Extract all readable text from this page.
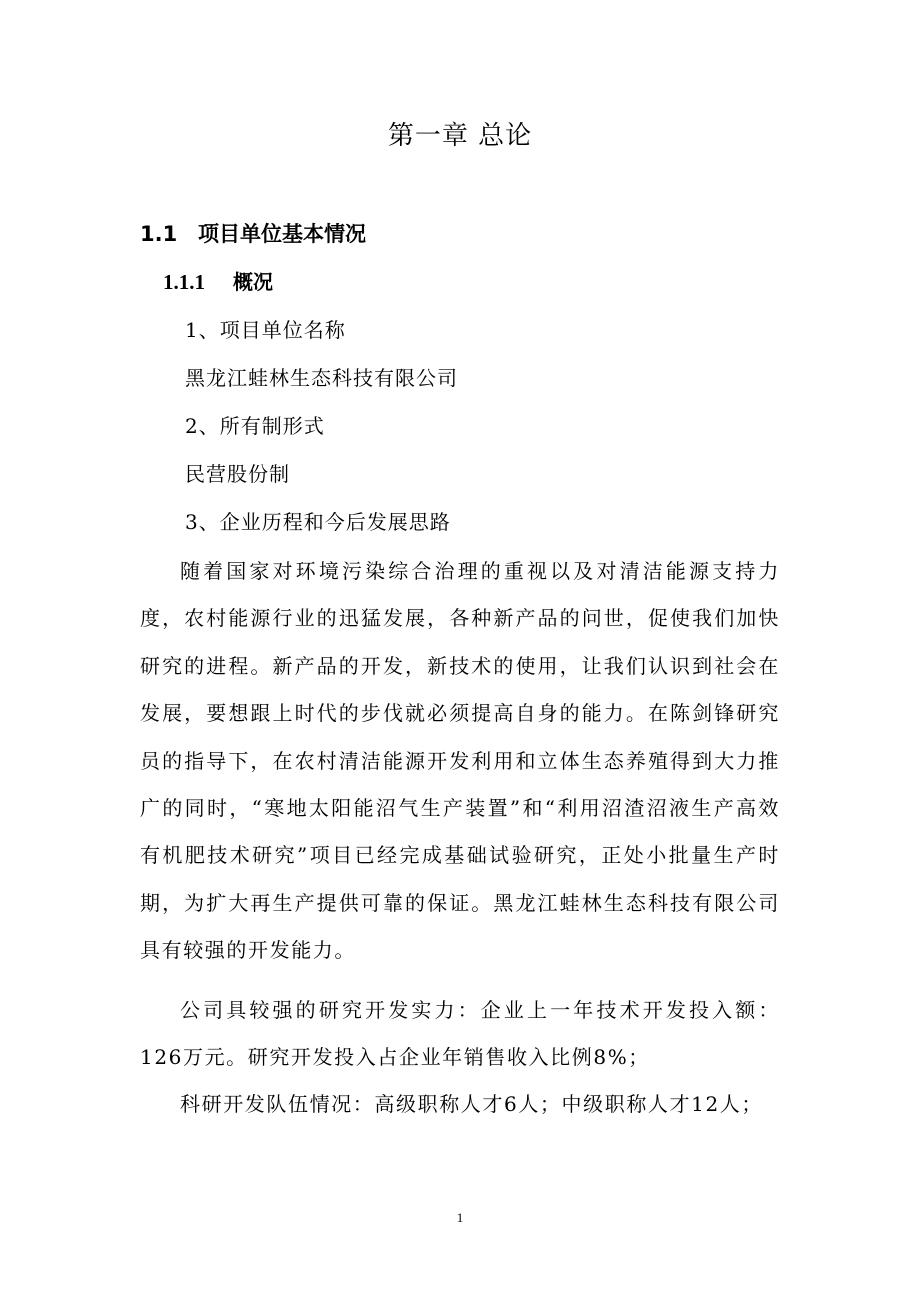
第一章 总论
1.1 项目单位基本情况
1.1.1 概况
1、项目单位名称
黑龙江蛙林生态科技有限公司
2、所有制形式
民营股份制
3、企业历程和今后发展思路
随着国家对环境污染综合治理的重视以及对清洁能源支持力度，农村能源行业的迅猛发展，各种新产品的问世，促使我们加快研究的进程。新产品的开发，新技术的使用，让我们认识到社会在发展，要想跟上时代的步伐就必须提高自身的能力。在陈剑锋研究员的指导下，在农村清洁能源开发利用和立体生态养殖得到大力推广的同时，“寒地太阳能沼气生产装置”和“利用沼渣沼液生产高效有机肥技术研究”项目已经完成基础试验研究，正处小批量生产时期，为扩大再生产提供可靠的保证。黑龙江蛙林生态科技有限公司具有较强的开发能力。
公司具较强的研究开发实力：企业上一年技术开发投入额：126万元。研究开发投入占企业年销售收入比例8%；
科研开发队伍情况：高级职称人才6人；中级职称人才12人；
1
